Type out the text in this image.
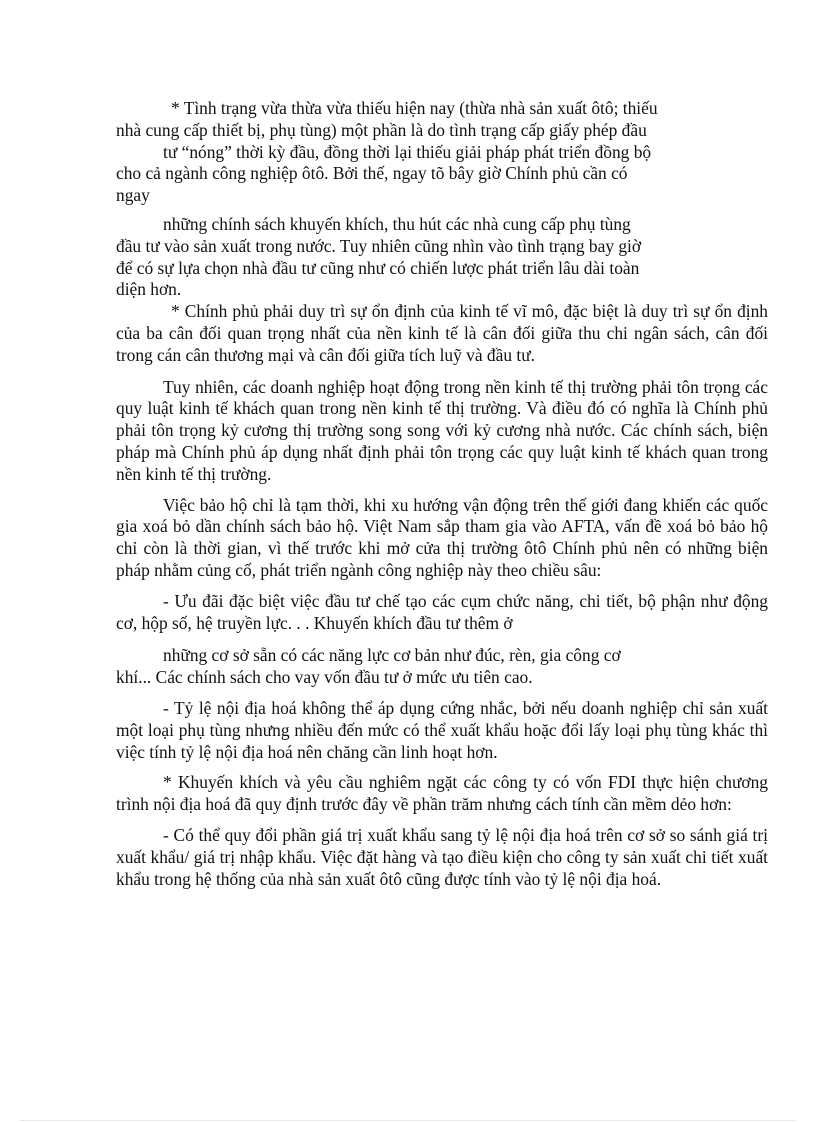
* Tình trạng vừa thừa vừa thiếu hiện nay (thừa nhà sản xuất ôtô; thiếu
nhà cung cấp thiết bị, phụ tùng) một phần là do tình trạng cấp giấy phép đầu
tư “nóng” thời kỳ đầu, đồng thời lại thiếu giải pháp phát triển đồng bộ
cho cả ngành công nghiệp ôtô. Bởi thế, ngay tõ bây giờ Chính phủ cần có
ngay
những chính sách khuyến khích, thu hút các nhà cung cấp phụ tùng
đầu tư vào sản xuất trong nước. Tuy nhiên cũng nhìn vào tình trạng bay giờ
để có sự lựa chọn nhà đầu tư cũng như có chiến lược phát triển lâu dài toàn
diện hơn.

* Chính phủ phải duy trì sự ổn định của kinh tế vĩ mô, đặc biệt là duy trì sự ổn định của ba cân đối quan trọng nhất của nền kinh tế là cân đối giữa thu chi ngân sách, cân đối trong cán cân thương mại và cân đối giữa tích luỹ và đầu tư.

Tuy nhiên, các doanh nghiệp hoạt động trong nền kinh tế thị trường phải tôn trọng các quy luật kinh tế khách quan trong nền kinh tế thị trường. Và điều đó có nghĩa là Chính phủ phải tôn trọng kỷ cương thị trường song song với kỷ cương nhà nước. Các chính sách, biện pháp mà Chính phủ áp dụng nhất định phải tôn trọng các quy luật kinh tế khách quan trong nền kinh tế thị trường.

Việc bảo hộ chỉ là tạm thời, khi xu hướng vận động trên thế giới đang khiến các quốc gia xoá bỏ dần chính sách bảo hộ. Việt Nam sắp tham gia vào AFTA, vấn đề xoá bỏ bảo hộ chỉ còn là thời gian, vì thế trước khi mở cửa thị trường ôtô Chính phủ nên có những biện pháp nhằm củng cố, phát triển ngành công nghiệp này theo chiều sâu:

- Ưu đãi đặc biệt việc đầu tư chế tạo các cụm chức năng, chi tiết, bộ phận như động cơ, hộp số, hệ truyền lực. . . Khuyến khích đầu tư thêm ở

những cơ sở sẵn có các năng lực cơ bản như đúc, rèn, gia công cơ
khí... Các chính sách cho vay vốn đầu tư ở mức ưu tiên cao.

- Tỷ lệ nội địa hoá không thể áp dụng cứng nhắc, bởi nếu doanh nghiệp chỉ sản xuất một loại phụ tùng nhưng nhiều đến mức có thể xuất khẩu hoặc đổi lấy loại phụ tùng khác thì việc tính tỷ lệ nội địa hoá nên chăng cần linh hoạt hơn.

* Khuyến khích và yêu cầu nghiêm ngặt các công ty có vốn FDI thực hiện chương trình nội địa hoá đã quy định trước đây về phần trăm nhưng cách tính cần mềm dẻo hơn:

- Có thể quy đổi phần giá trị xuất khẩu sang tỷ lệ nội địa hoá trên cơ sở so sánh giá trị xuất khẩu/ giá trị nhập khẩu. Việc đặt hàng và tạo điều kiện cho công ty sản xuất chi tiết xuất khẩu trong hệ thống của nhà sản xuất ôtô cũng được tính vào tỷ lệ nội địa hoá.
